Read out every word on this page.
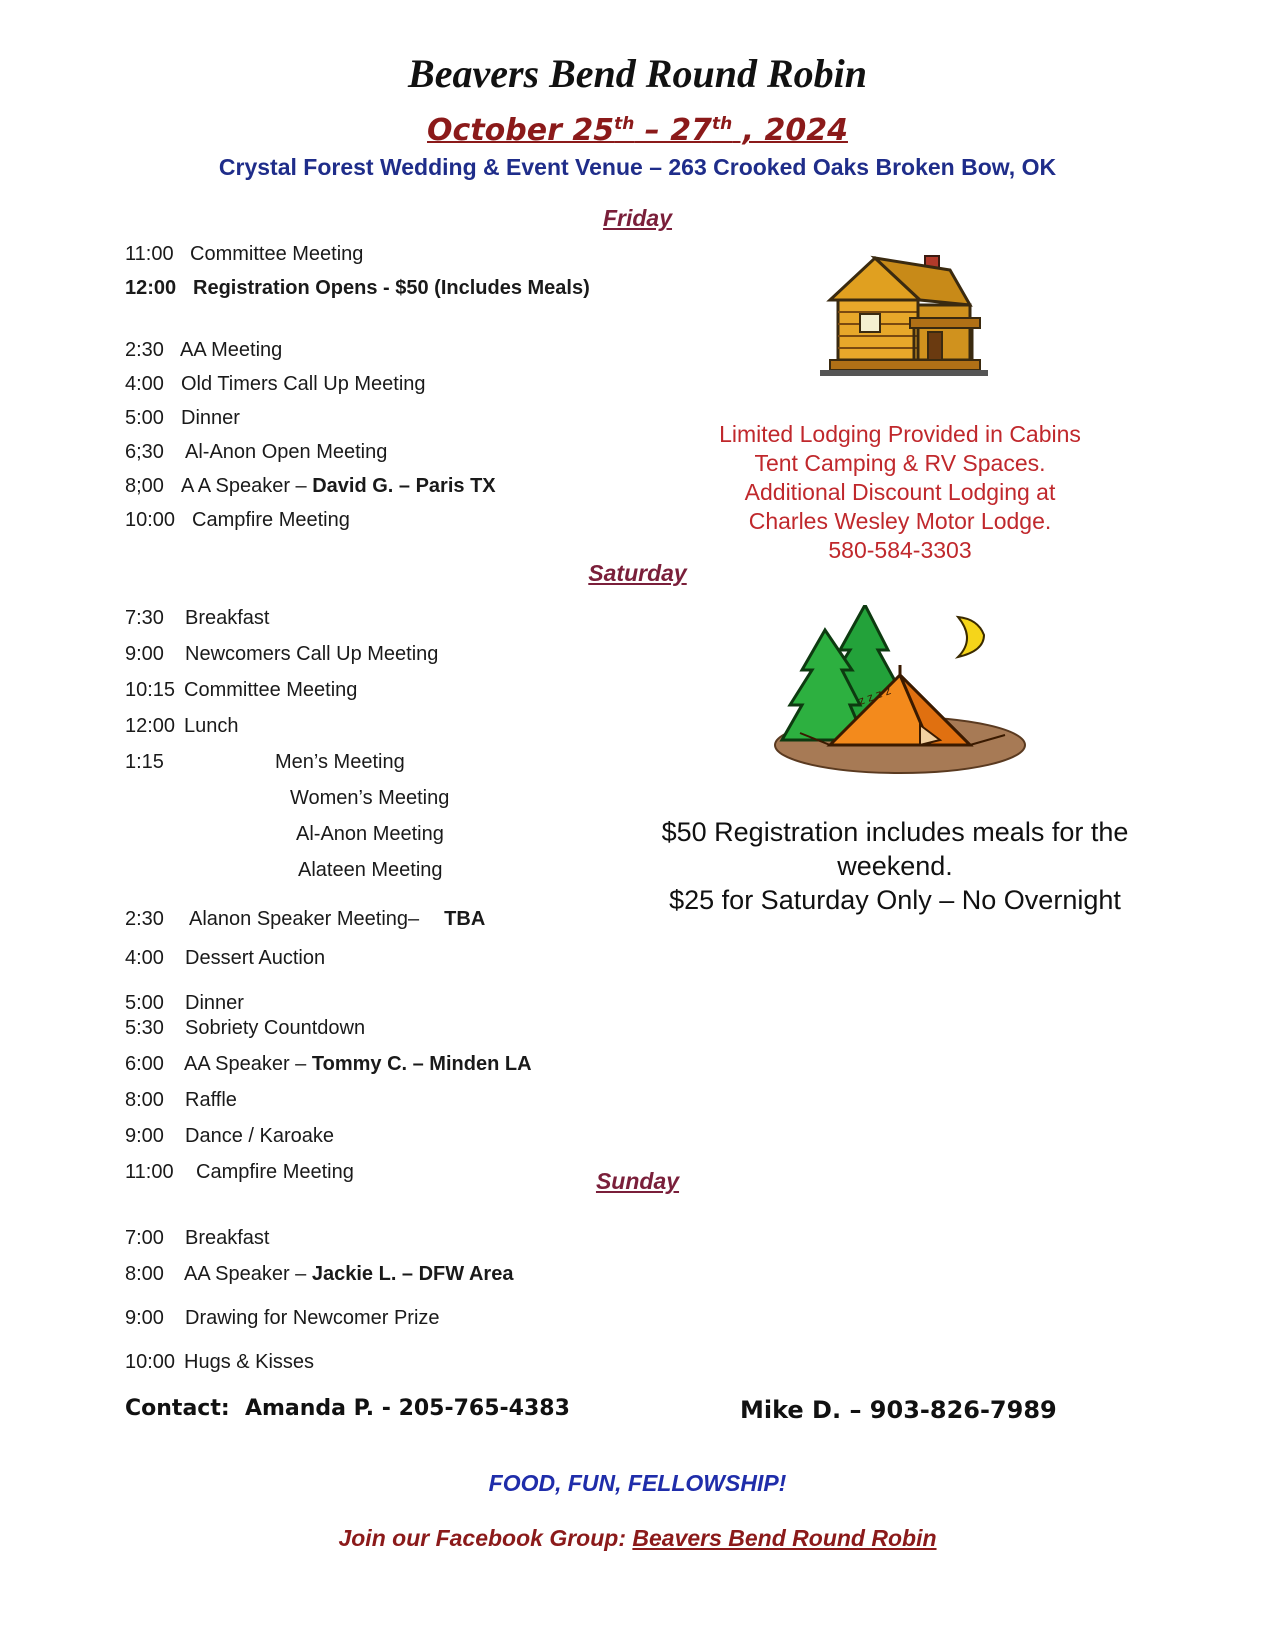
Beavers Bend Round Robin
October 25th – 27th , 2024
Crystal Forest Wedding & Event Venue – 263 Crooked Oaks Broken Bow, OK
Friday
11:00 Committee Meeting
12:00 Registration Opens - $50 (Includes Meals)
2:30 AA Meeting
4:00 Old Timers Call Up Meeting
5:00 Dinner
6;30 Al-Anon Open Meeting
8;00 A A Speaker – David G. – Paris TX
10:00 Campfire Meeting
Limited Lodging Provided in Cabins
Tent Camping & RV Spaces.
Additional Discount Lodging at
Charles Wesley Motor Lodge.
580-584-3303
Saturday
7:30 Breakfast
9:00 Newcomers Call Up Meeting
10:15 Committee Meeting
12:00 Lunch
1:15	Men’s Meeting
Women’s Meeting
Al-Anon Meeting
Alateen Meeting
2:30 Alanon Speaker Meeting– TBA
4:00 Dessert Auction
5:00 Dinner
5:30 Sobriety Countdown
6:00 AA Speaker – Tommy C. – Minden LA
8:00 Raffle
9:00 Dance / Karoake
11:00 Campfire Meeting
z z z z
$50 Registration includes meals for the weekend.
$25 for Saturday Only – No Overnight
Sunday
7:00 Breakfast
8:00 AA Speaker – Jackie L. – DFW Area
9:00 Drawing for Newcomer Prize
10:00 Hugs & Kisses
Contact: Amanda P. - 205-765-4383	Mike D. – 903-826-7989
FOOD, FUN, FELLOWSHIP!
Join our Facebook Group: Beavers Bend Round Robin
